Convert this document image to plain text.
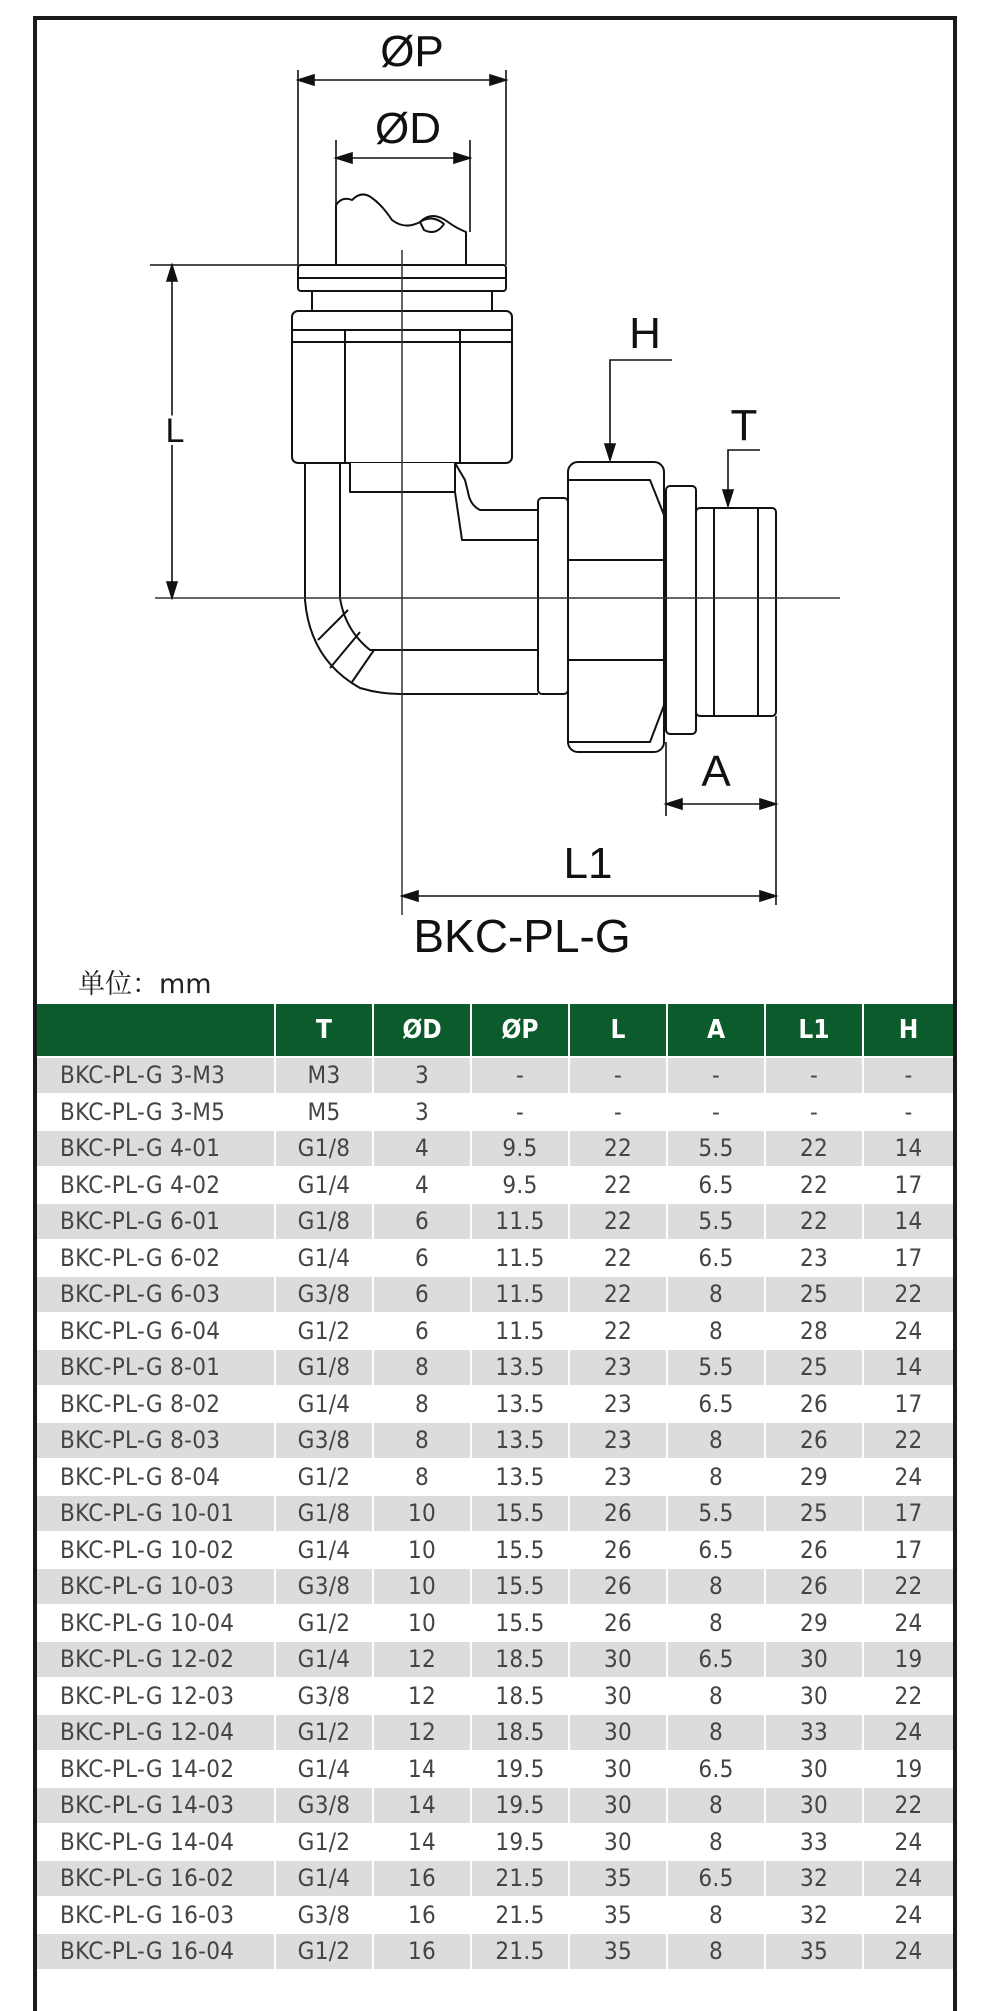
ØP
ØD
H
T
L
A
L1
BKC-PL-G
单位：mm
	T	ØD	ØP	L	A	L1	H
BKC-PL-G 3-M3	M3	3	-	-	-	-	-
BKC-PL-G 3-M5	M5	3	-	-	-	-	-
BKC-PL-G 4-01	G1/8	4	9.5	22	5.5	22	14
BKC-PL-G 4-02	G1/4	4	9.5	22	6.5	22	17
BKC-PL-G 6-01	G1/8	6	11.5	22	5.5	22	14
BKC-PL-G 6-02	G1/4	6	11.5	22	6.5	23	17
BKC-PL-G 6-03	G3/8	6	11.5	22	8	25	22
BKC-PL-G 6-04	G1/2	6	11.5	22	8	28	24
BKC-PL-G 8-01	G1/8	8	13.5	23	5.5	25	14
BKC-PL-G 8-02	G1/4	8	13.5	23	6.5	26	17
BKC-PL-G 8-03	G3/8	8	13.5	23	8	26	22
BKC-PL-G 8-04	G1/2	8	13.5	23	8	29	24
BKC-PL-G 10-01	G1/8	10	15.5	26	5.5	25	17
BKC-PL-G 10-02	G1/4	10	15.5	26	6.5	26	17
BKC-PL-G 10-03	G3/8	10	15.5	26	8	26	22
BKC-PL-G 10-04	G1/2	10	15.5	26	8	29	24
BKC-PL-G 12-02	G1/4	12	18.5	30	6.5	30	19
BKC-PL-G 12-03	G3/8	12	18.5	30	8	30	22
BKC-PL-G 12-04	G1/2	12	18.5	30	8	33	24
BKC-PL-G 14-02	G1/4	14	19.5	30	6.5	30	19
BKC-PL-G 14-03	G3/8	14	19.5	30	8	30	22
BKC-PL-G 14-04	G1/2	14	19.5	30	8	33	24
BKC-PL-G 16-02	G1/4	16	21.5	35	6.5	32	24
BKC-PL-G 16-03	G3/8	16	21.5	35	8	32	24
BKC-PL-G 16-04	G1/2	16	21.5	35	8	35	24
